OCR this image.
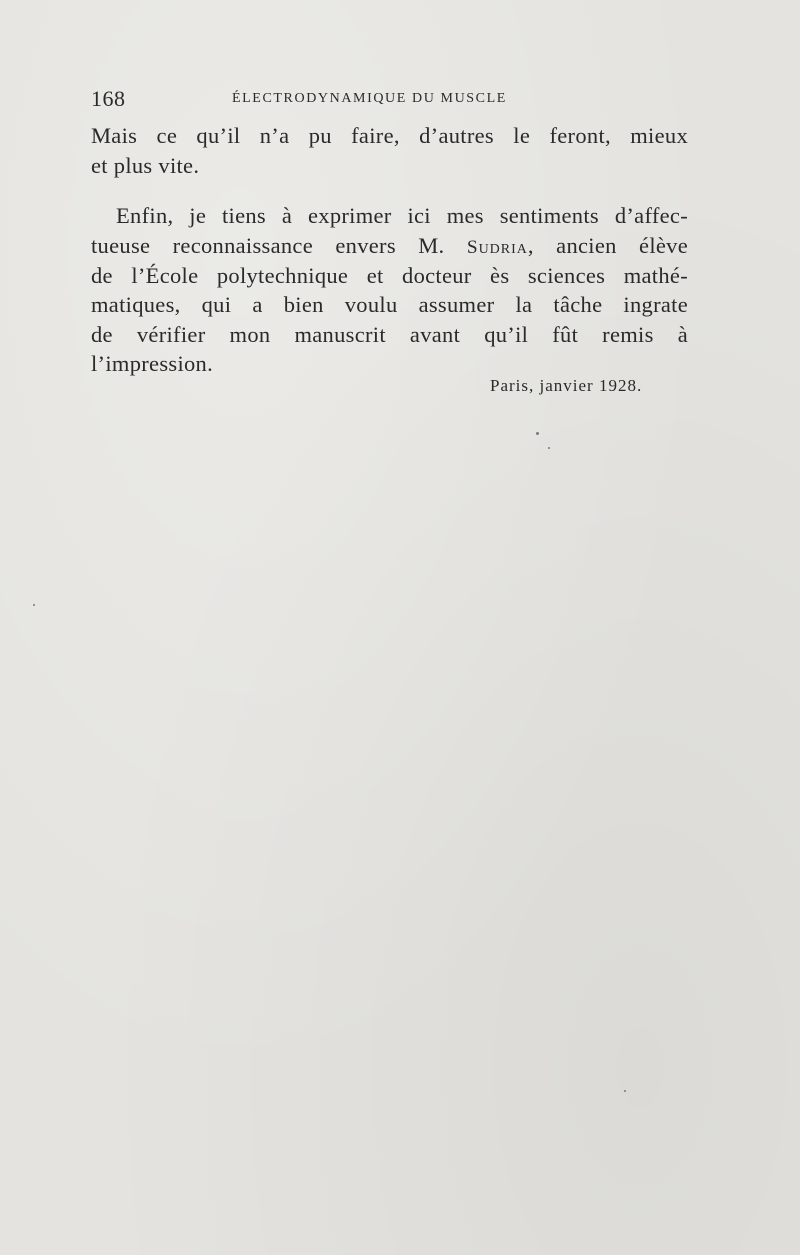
168	ÉLECTRODYNAMIQUE DU MUSCLE
Mais ce qu’il n’a pu faire, d’autres le feront, mieux
et plus vite.
Enfin, je tiens à exprimer ici mes sentiments d’affec-
tueuse reconnaissance envers M. Sudria, ancien élève
de l’École polytechnique et docteur ès sciences mathé-
matiques, qui a bien voulu assumer la tâche ingrate
de vérifier mon manuscrit avant qu’il fût remis à
l’impression.
Paris, janvier 1928.
